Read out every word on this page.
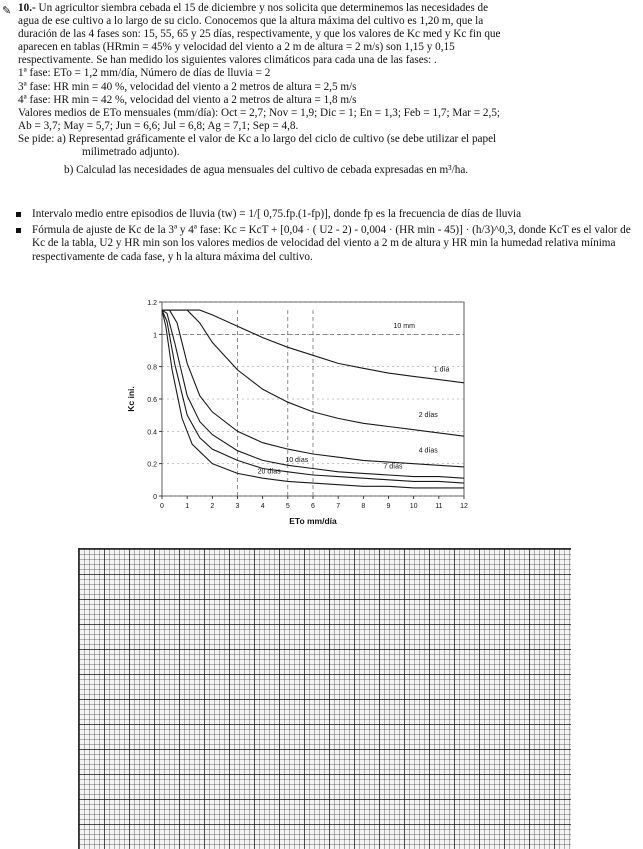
✎ 10.- Un agricultor siembra cebada el 15 de diciembre y nos solicita que determinemos las necesidades de
agua de ese cultivo a lo largo de su ciclo. Conocemos que la altura máxima del cultivo es 1,20 m, que la
duración de las 4 fases son: 15, 55, 65 y 25 días, respectivamente, y que los valores de Kc med y Kc fin que
aparecen en tablas (HRmin = 45% y velocidad del viento a 2 m de altura = 2 m/s) son 1,15 y 0,15
respectivamente. Se han medido los siguientes valores climáticos para cada una de las fases: .
1ª fase: ETo = 1,2 mm/día, Número de días de lluvia = 2
3ª fase: HR min = 40 %, velocidad del viento a 2 metros de altura = 2,5 m/s
4ª fase: HR min = 42 %, velocidad del viento a 2 metros de altura = 1,8 m/s
Valores medios de ETo mensuales (mm/día): Oct = 2,7; Nov = 1,9; Dic = 1; En = 1,3; Feb = 1,7; Mar = 2,5;
Ab = 3,7; May = 5,7; Jun = 6,6; Jul = 6,8; Ag = 7,1; Sep = 4,8.
Se pide: a) Representad gráficamente el valor de Kc a lo largo del ciclo de cultivo (se debe utilizar el papel
milimetrado adjunto).
b) Calculad las necesidades de agua mensuales del cultivo de cebada expresadas en m³/ha.
Intervalo medio entre episodios de lluvia (tw) = 1/[ 0,75.fp.(1-fp)], donde fp es la frecuencia de días de lluvia
Fórmula de ajuste de Kc de la 3ª y 4ª fase: Kc = KcT + [0,04 · ( U2 - 2) - 0,004 · (HR min - 45)] · (h/3)^0,3, donde KcT es el valor de Kc de la tabla, U2 y HR min son los valores medios de velocidad del viento a 2 m de altura y HR min la humedad relativa mínima respectivamente de cada fase, y h la altura máxima del cultivo.
0
0.2
0.4
0.6
0.8
1
1.2
0	1	2	3	4	5	6	7	8	9	10	11	12
10 mm
1 día
2 días
4 días
7 días
10 días
20 días
ETo mm/día
Kc ini.
